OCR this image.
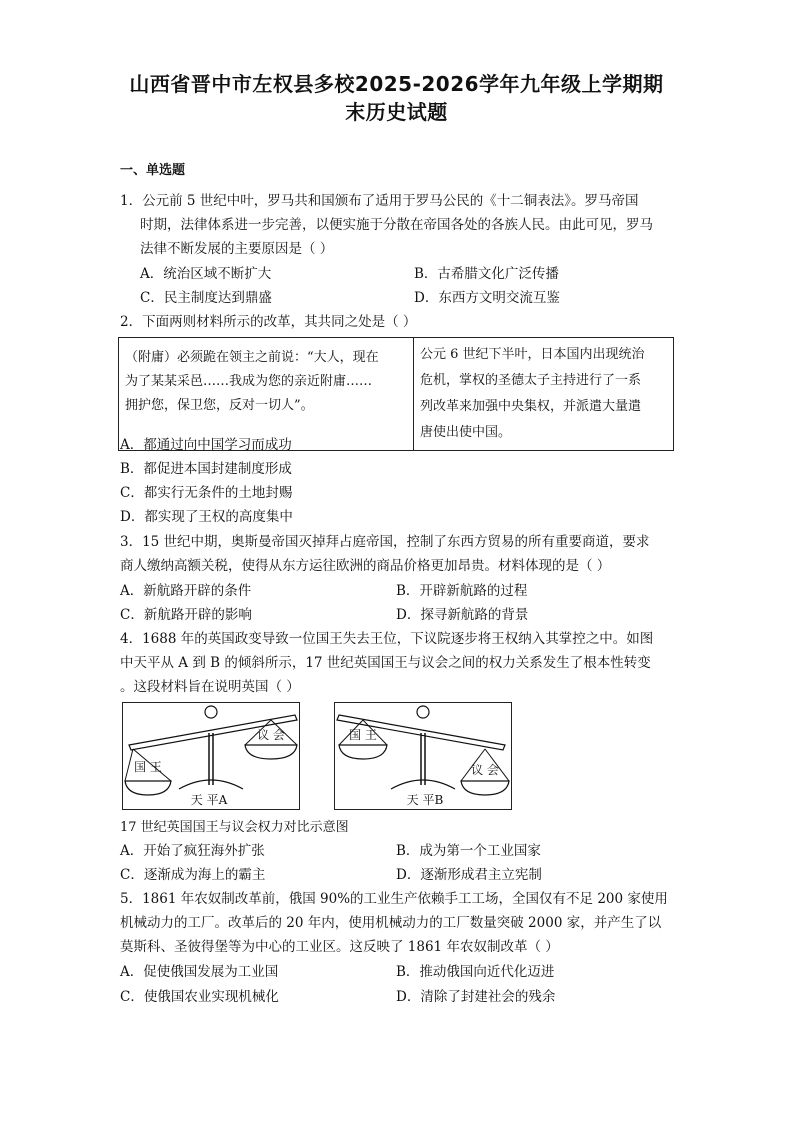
山西省晋中市左权县多校2025-2026学年九年级上学期期
末历史试题
一、单选题
1．公元前 5 世纪中叶，罗马共和国颁布了适用于罗马公民的《十二铜表法》。罗马帝国
时期，法律体系进一步完善，以便实施于分散在帝国各处的各族人民。由此可见，罗马
法律不断发展的主要原因是（ ）
A．统治区域不断扩大	B．古希腊文化广泛传播
C．民主制度达到鼎盛	D．东西方文明交流互鉴
2．下面两则材料所示的改革，其共同之处是（ ）
（附庸）必须跪在领主之前说：“大人，现在
为了某某采邑……我成为您的亲近附庸……
拥护您，保卫您，反对一切人”。

公元 6 世纪下半叶，日本国内出现统治
危机，掌权的圣德太子主持进行了一系
列改革来加强中央集权，并派遣大量遣
唐使出使中国。
A．都通过向中国学习而成功
B．都促进本国封建制度形成
C．都实行无条件的土地封赐
D．都实现了王权的高度集中
3．15 世纪中期，奥斯曼帝国灭掉拜占庭帝国，控制了东西方贸易的所有重要商道，要求
商人缴纳高额关税，使得从东方运往欧洲的商品价格更加昂贵。材料体现的是（ ）
A．新航路开辟的条件	B．开辟新航路的过程
C．新航路开辟的影响	D．探寻新航路的背景
4．1688 年的英国政变导致一位国王失去王位，下议院逐步将王权纳入其掌控之中。如图
中天平从 A 到 B 的倾斜所示，17 世纪英国国王与议会之间的权力关系发生了根本性转变
。这段材料旨在说明英国（ ）
国 王
议 会
天 平A
国 王
议 会
天 平B
17 世纪英国国王与议会权力对比示意图
A．开始了疯狂海外扩张	B．成为第一个工业国家
C．逐渐成为海上的霸主	D．逐渐形成君主立宪制
5．1861 年农奴制改革前，俄国 90%的工业生产依赖手工工场，全国仅有不足 200 家使用
机械动力的工厂。改革后的 20 年内，使用机械动力的工厂数量突破 2000 家，并产生了以
莫斯科、圣彼得堡等为中心的工业区。这反映了 1861 年农奴制改革（ ）
A．促使俄国发展为工业国	B．推动俄国向近代化迈进
C．使俄国农业实现机械化	D．清除了封建社会的残余
